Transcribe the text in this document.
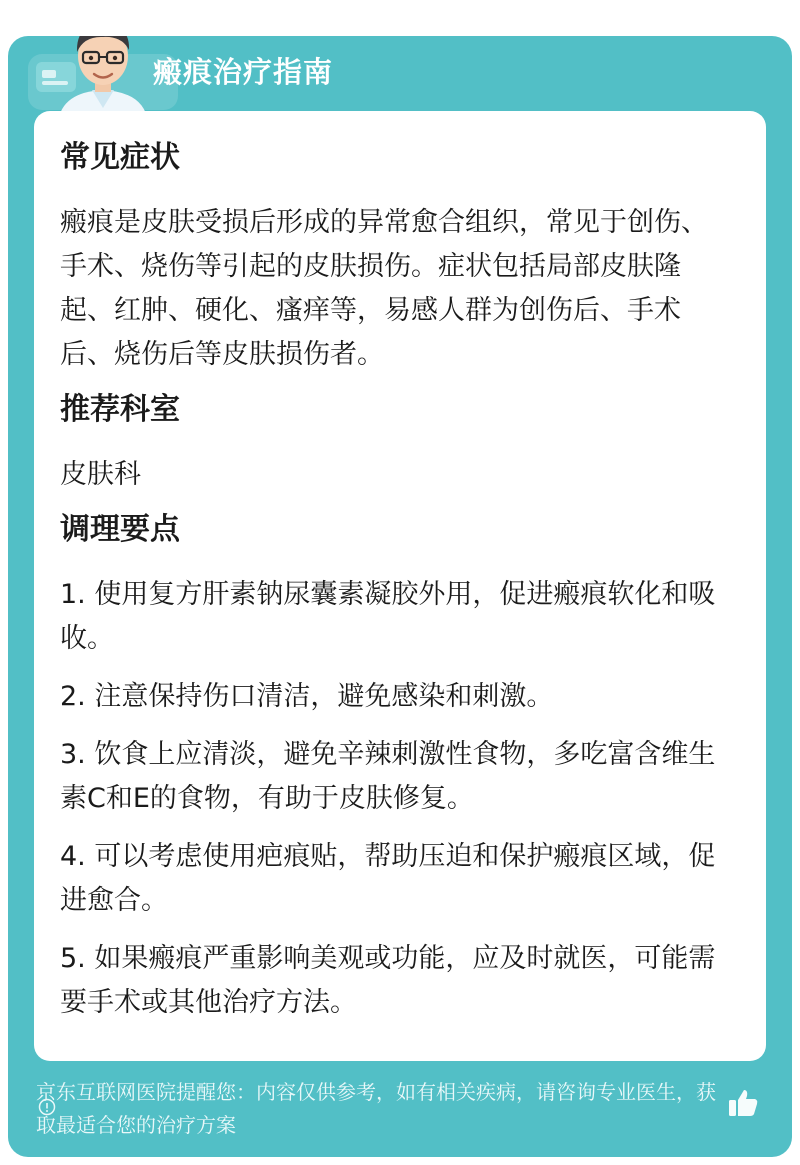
瘢痕治疗指南
常见症状

瘢痕是皮肤受损后形成的异常愈合组织，常见于创伤、手术、烧伤等引起的皮肤损伤。症状包括局部皮肤隆起、红肿、硬化、瘙痒等，易感人群为创伤后、手术后、烧伤后等皮肤损伤者。

推荐科室

皮肤科

调理要点
1. 使用复方肝素钠尿囊素凝胶外用，促进瘢痕软化和吸收。
2. 注意保持伤口清洁，避免感染和刺激。
3. 饮食上应清淡，避免辛辣刺激性食物，多吃富含维生素C和E的食物，有助于皮肤修复。
4. 可以考虑使用疤痕贴，帮助压迫和保护瘢痕区域，促进愈合。
5. 如果瘢痕严重影响美观或功能，应及时就医，可能需要手术或其他治疗方法。
京东互联网医院提醒您：内容仅供参考，如有相关疾病，请咨询专业医生，获取最适合您的治疗方案
